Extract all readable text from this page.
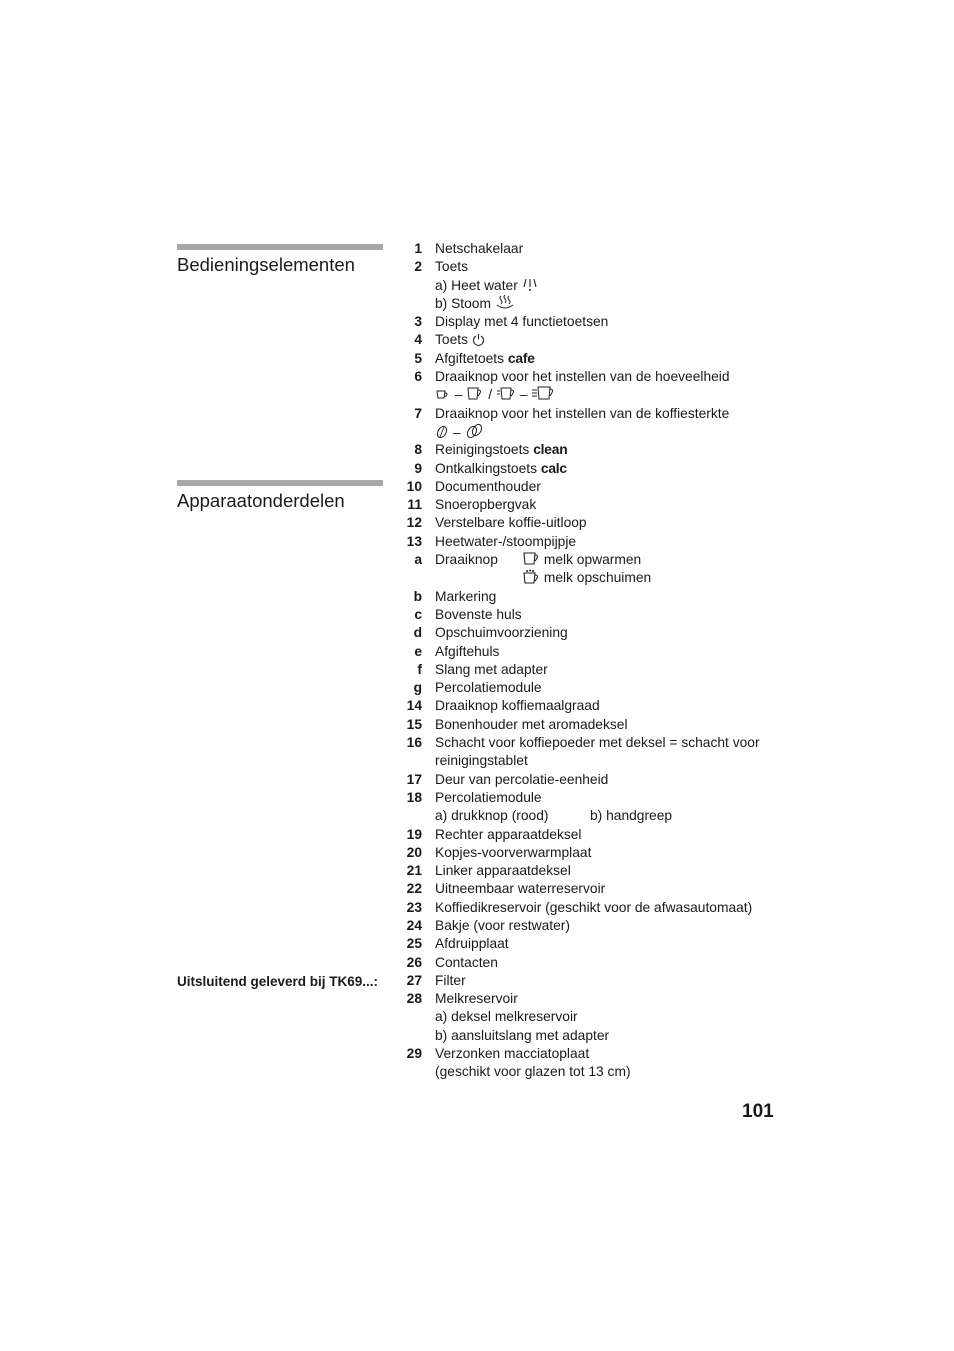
Bedieningselementen
Apparaatonderdelen
Uitsluitend geleverd bij TK69...:
1 Netschakelaar
2 Toets
a) Heet water
b) Stoom
3 Display met 4 functietoetsen
4 Toets
5 Afgiftetoets cafe
6 Draaiknop voor het instellen van de hoeveelheid
– / –
7 Draaiknop voor het instellen van de koffiesterkte
–
8 Reinigingstoets clean
9 Ontkalkingstoets calc
10 Documenthouder
11 Snoeropbergvak
12 Verstelbare koffie-uitloop
13 Heetwater-/stoompijpje
a Draaiknop	melk opwarmen
melk opschuimen
b Markering
c Bovenste huls
d Opschuimvoorziening
e Afgiftehuls
f Slang met adapter
g Percolatiemodule
14 Draaiknop koffiemaalgraad
15 Bonenhouder met aromadeksel
16 Schacht voor koffiepoeder met deksel = schacht voor
reinigingstablet
17 Deur van percolatie-eenheid
18 Percolatiemodule
a) drukknop (rood)	b) handgreep
19 Rechter apparaatdeksel
20 Kopjes-voorverwarmplaat
21 Linker apparaatdeksel
22 Uitneembaar waterreservoir
23 Koffiedikreservoir (geschikt voor de afwasautomaat)
24 Bakje (voor restwater)
25 Afdruipplaat
26 Contacten
27 Filter
28 Melkreservoir
a) deksel melkreservoir
b) aansluitslang met adapter
29 Verzonken macciatoplaat
(geschikt voor glazen tot 13 cm)
101
